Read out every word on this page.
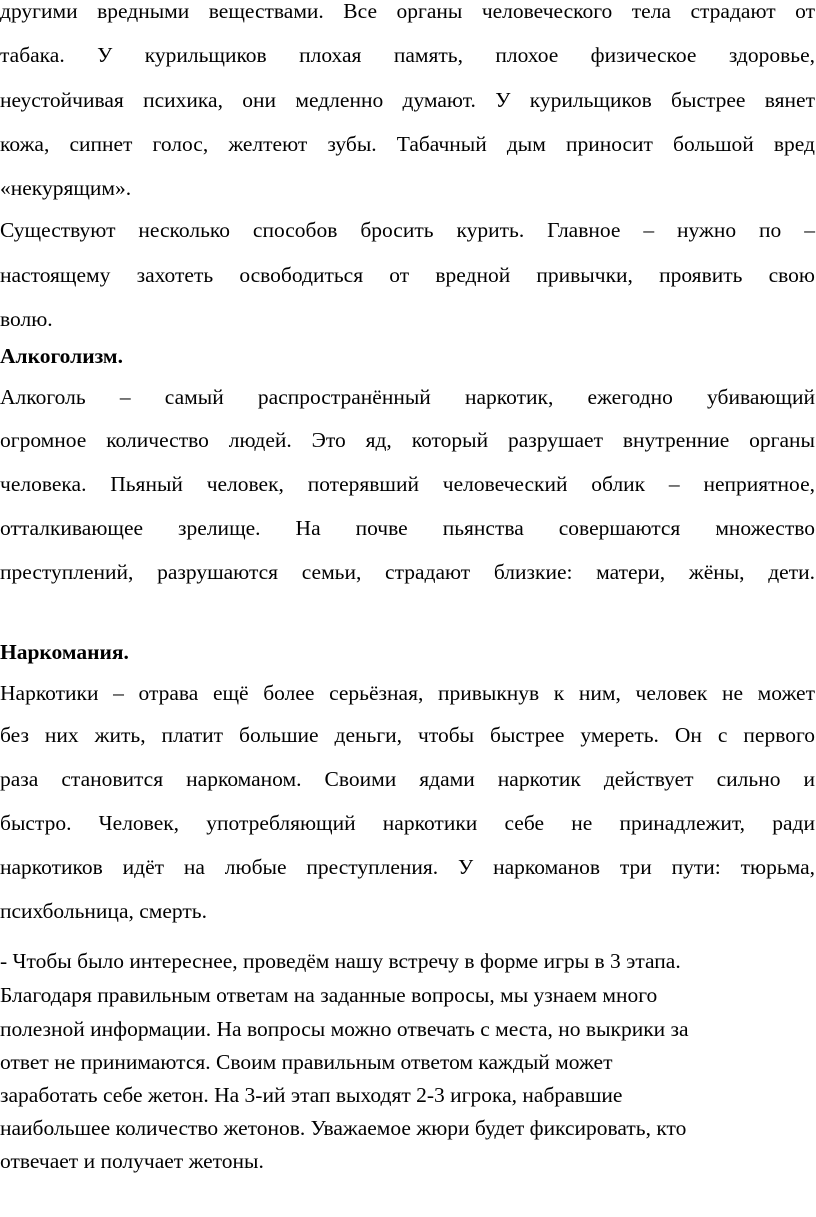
другими вредными веществами. Все органы человеческого тела страдают от
табака. У курильщиков плохая память, плохое физическое здоровье,
неустойчивая психика, они медленно думают. У курильщиков быстрее вянет
кожа, сипнет голос, желтеют зубы. Табачный дым приносит большой вред
«некурящим».
Существуют несколько способов бросить курить. Главное – нужно по –
настоящему захотеть освободиться от вредной привычки, проявить свою
волю.
Алкоголизм.
Алкоголь – самый распространённый наркотик, ежегодно убивающий
огромное количество людей. Это яд, который разрушает внутренние органы
человека. Пьяный человек, потерявший человеческий облик – неприятное,
отталкивающее зрелище. На почве пьянства совершаются множество
преступлений, разрушаются семьи, страдают близкие: матери, жёны, дети.
Наркомания.
Наркотики – отрава ещё более серьёзная, привыкнув к ним, человек не может
без них жить, платит большие деньги, чтобы быстрее умереть. Он с первого
раза становится наркоманом. Своими ядами наркотик действует сильно и
быстро. Человек, употребляющий наркотики себе не принадлежит, ради
наркотиков идёт на любые преступления. У наркоманов три пути: тюрьма,
психбольница, смерть.
- Чтобы было интереснее, проведём нашу встречу в форме игры в 3 этапа.
Благодаря правильным ответам на заданные вопросы, мы узнаем много
полезной информации. На вопросы можно отвечать с места, но выкрики за
ответ не принимаются. Своим правильным ответом каждый может
заработать себе жетон. На 3-ий этап выходят 2-3 игрока, набравшие
наибольшее количество жетонов. Уважаемое жюри будет фиксировать, кто
отвечает и получает жетоны.
